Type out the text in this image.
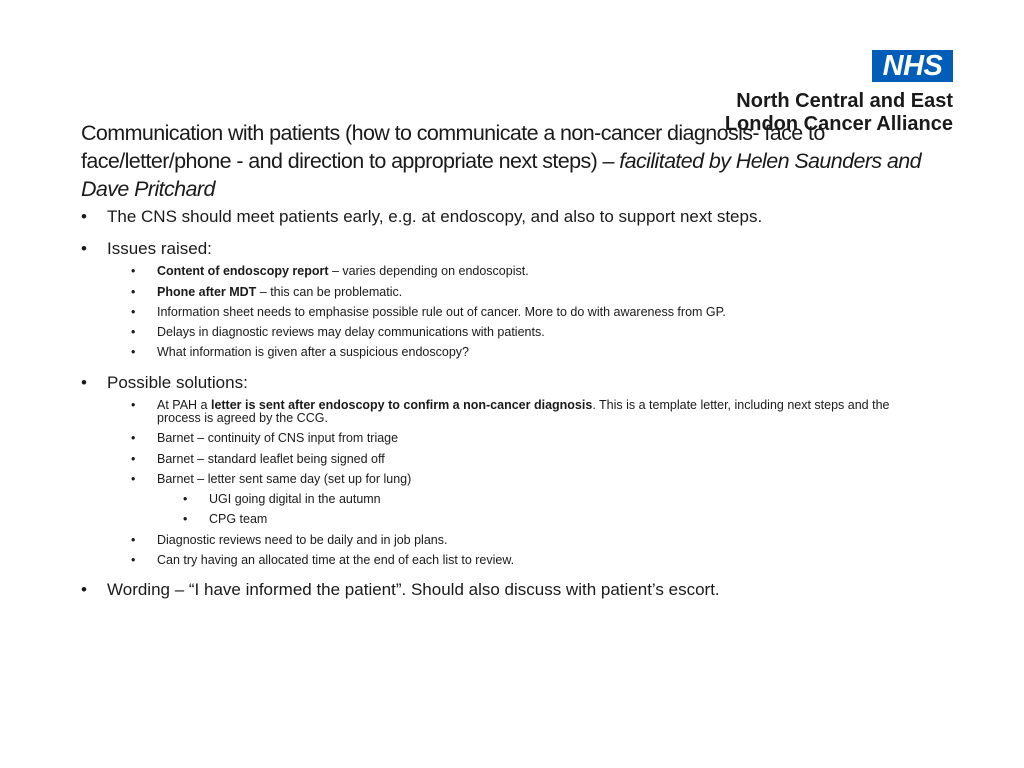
NHS
North Central and East
London Cancer Alliance
Communication with patients (how to communicate a non-cancer diagnosis- face to face/letter/phone - and direction to appropriate next steps) – facilitated by Helen Saunders and Dave Pritchard
• The CNS should meet patients early, e.g. at endoscopy, and also to support next steps.
• Issues raised:
• Content of endoscopy report – varies depending on endoscopist.
• Phone after MDT – this can be problematic.
• Information sheet needs to emphasise possible rule out of cancer. More to do with awareness from GP.
• Delays in diagnostic reviews may delay communications with patients.
• What information is given after a suspicious endoscopy?
• Possible solutions:
• At PAH a letter is sent after endoscopy to confirm a non-cancer diagnosis. This is a template letter, including next steps and the process is agreed by the CCG.
• Barnet – continuity of CNS input from triage
• Barnet – standard leaflet being signed off
• Barnet – letter sent same day (set up for lung)
• UGI going digital in the autumn
• CPG team
• Diagnostic reviews need to be daily and in job plans.
• Can try having an allocated time at the end of each list to review.
• Wording – “I have informed the patient”. Should also discuss with patient’s escort.
